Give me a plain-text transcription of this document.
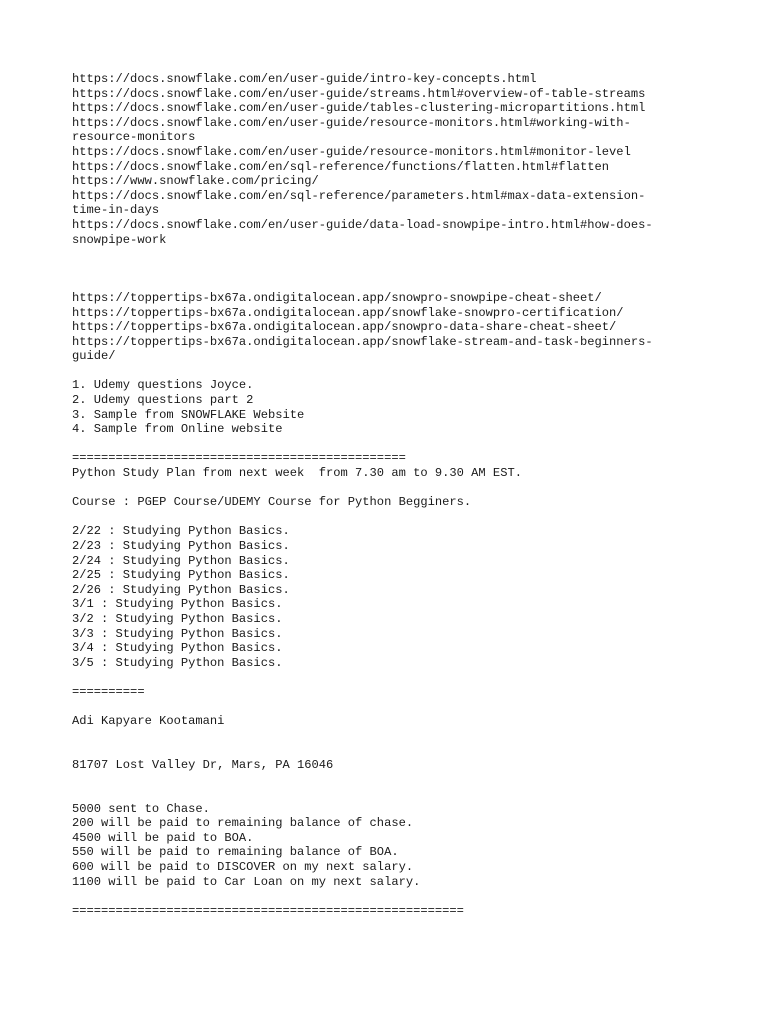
https://docs.snowflake.com/en/user-guide/intro-key-concepts.html
https://docs.snowflake.com/en/user-guide/streams.html#overview-of-table-streams
https://docs.snowflake.com/en/user-guide/tables-clustering-micropartitions.html
https://docs.snowflake.com/en/user-guide/resource-monitors.html#working-with-
resource-monitors
https://docs.snowflake.com/en/user-guide/resource-monitors.html#monitor-level
https://docs.snowflake.com/en/sql-reference/functions/flatten.html#flatten
https://www.snowflake.com/pricing/
https://docs.snowflake.com/en/sql-reference/parameters.html#max-data-extension-
time-in-days
https://docs.snowflake.com/en/user-guide/data-load-snowpipe-intro.html#how-does-
snowpipe-work
https://toppertips-bx67a.ondigitalocean.app/snowpro-snowpipe-cheat-sheet/
https://toppertips-bx67a.ondigitalocean.app/snowflake-snowpro-certification/
https://toppertips-bx67a.ondigitalocean.app/snowpro-data-share-cheat-sheet/
https://toppertips-bx67a.ondigitalocean.app/snowflake-stream-and-task-beginners-
guide/
1. Udemy questions Joyce.
2. Udemy questions part 2
3. Sample from SNOWFLAKE Website
4. Sample from Online website
==============================================
Python Study Plan from next week  from 7.30 am to 9.30 AM EST.
Course : PGEP Course/UDEMY Course for Python Begginers.
2/22 : Studying Python Basics.
2/23 : Studying Python Basics.
2/24 : Studying Python Basics.
2/25 : Studying Python Basics.
2/26 : Studying Python Basics.
3/1 : Studying Python Basics.
3/2 : Studying Python Basics.
3/3 : Studying Python Basics.
3/4 : Studying Python Basics.
3/5 : Studying Python Basics.
==========
Adi Kapyare Kootamani
81707 Lost Valley Dr, Mars, PA 16046
5000 sent to Chase.
200 will be paid to remaining balance of chase.
4500 will be paid to BOA.
550 will be paid to remaining balance of BOA.
600 will be paid to DISCOVER on my next salary.
1100 will be paid to Car Loan on my next salary.
======================================================
